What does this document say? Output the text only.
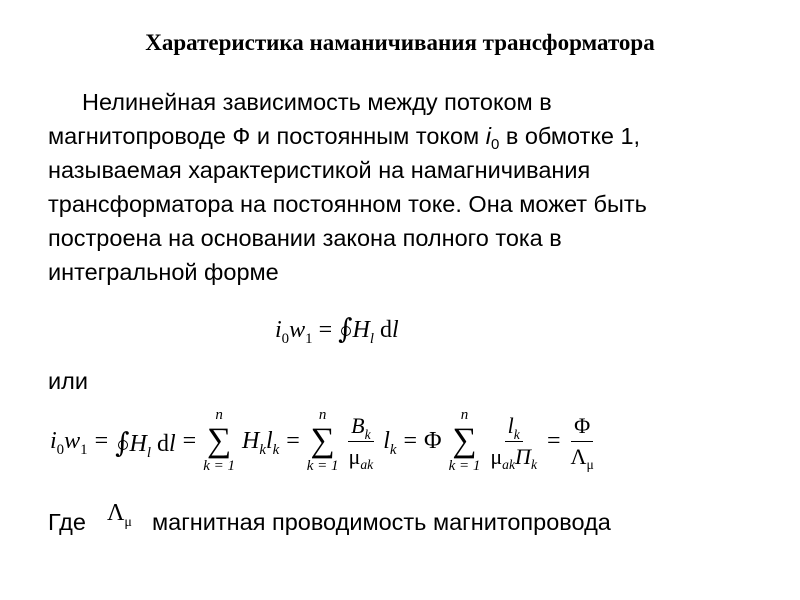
Харатеристика наманичивания трансформатора
Нелинейная зависимость между потоком в
магнитопроводе Ф и постоянным током $i_0$ в обмотке 1,
называемая характеристикой на намагничивания
трансформатора на постоянном токе. Она может быть
построена на основании закона полного тока в
интегральной форме
$i_0w_1 = \int H_l$ dl
или
$i_0w_1 = \int H_l$ dl =
n
∑
k = 1
$H_kl_k$ =
n
∑
$k = 1 \frac{B_k}{\mu_{ak}} l_k = \Phi$
n
∑
$k = 1 \frac{l_k}{\mu_{ak}П_k} = \frac{\Phi}{\Lambda_\mu}$
Где $\Lambda_\mu$ магнитная проводимость магнитопровода
